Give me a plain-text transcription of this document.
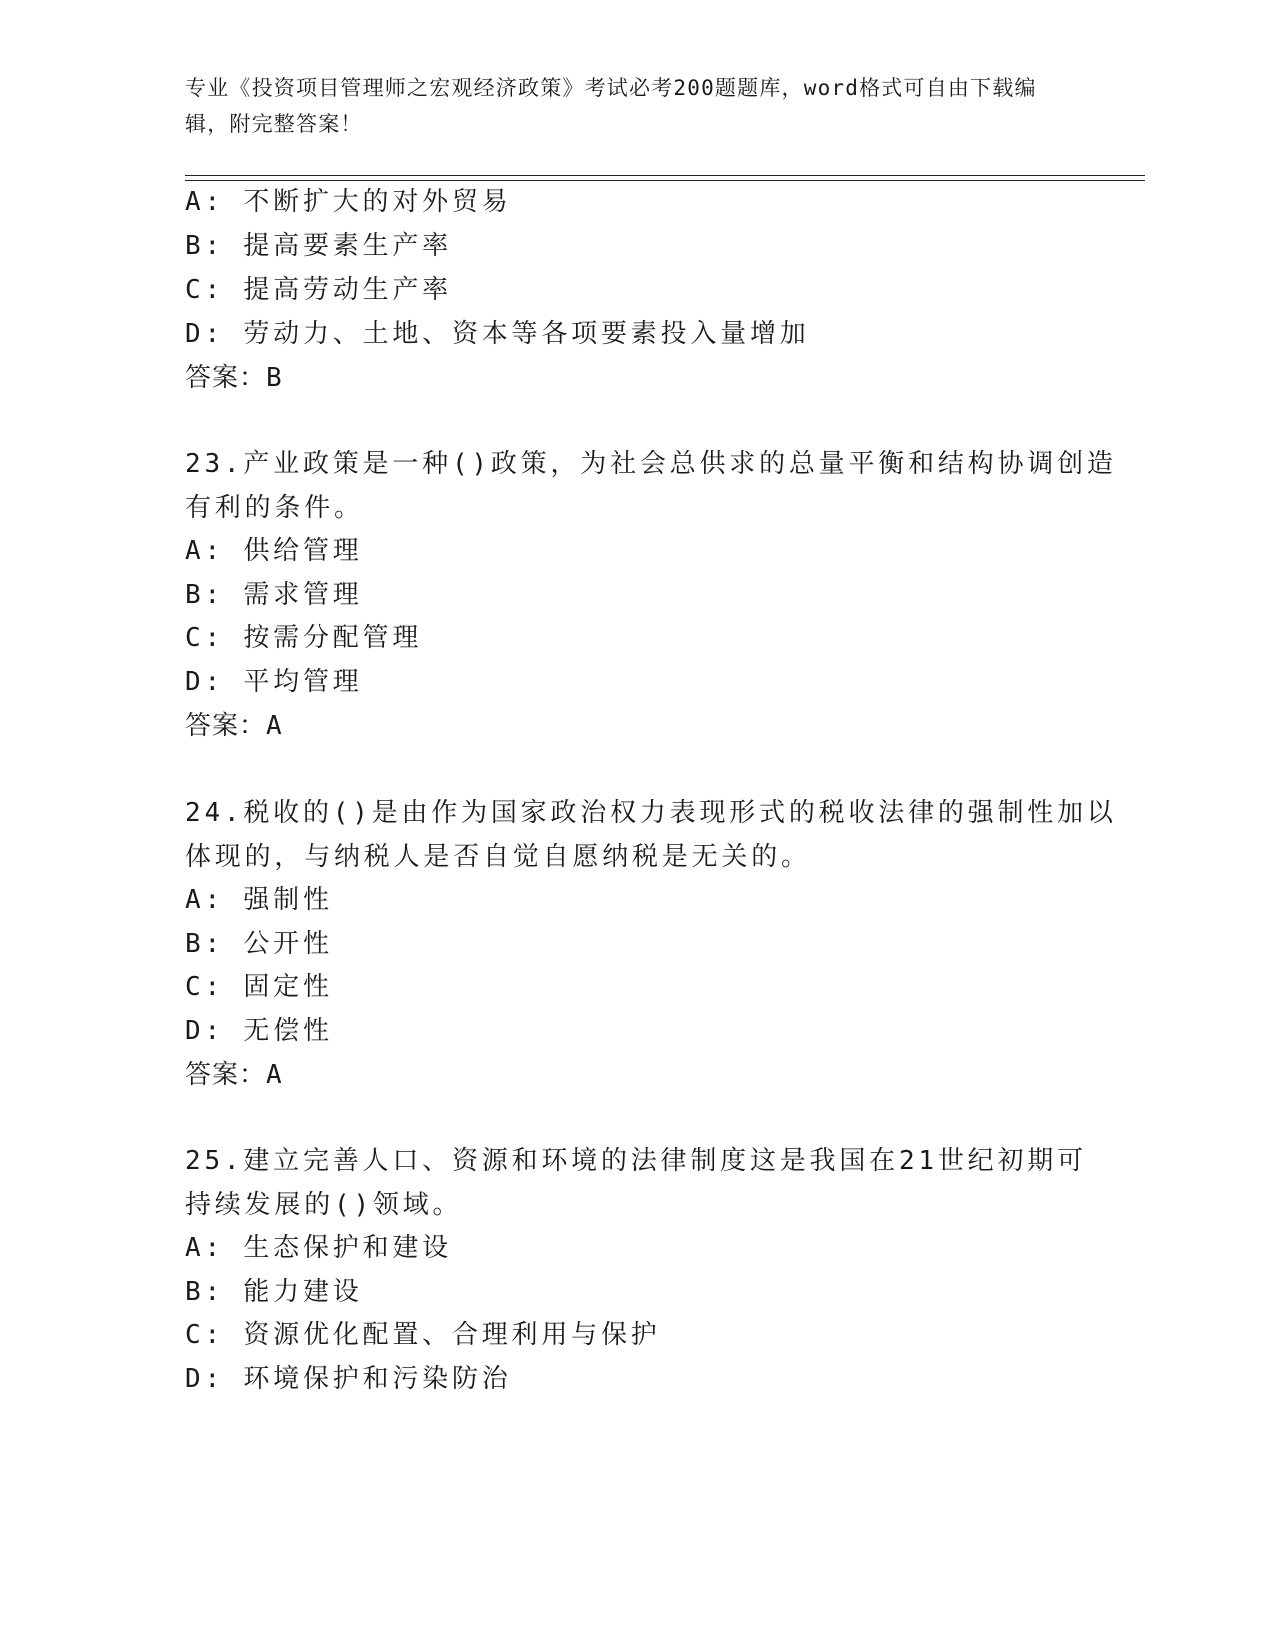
专业《投资项目管理师之宏观经济政策》考试必考200题题库，word格式可自由下载编辑，附完整答案！
A: 不断扩大的对外贸易
B: 提高要素生产率
C: 提高劳动生产率
D: 劳动力、土地、资本等各项要素投入量增加
答案：B
23.产业政策是一种()政策，为社会总供求的总量平衡和结构协调创造
有利的条件。
A: 供给管理
B: 需求管理
C: 按需分配管理
D: 平均管理
答案：A
24.税收的()是由作为国家政治权力表现形式的税收法律的强制性加以
体现的，与纳税人是否自觉自愿纳税是无关的。
A: 强制性
B: 公开性
C: 固定性
D: 无偿性
答案：A
25.建立完善人口、资源和环境的法律制度这是我国在21世纪初期可
持续发展的()领域。
A: 生态保护和建设
B: 能力建设
C: 资源优化配置、合理利用与保护
D: 环境保护和污染防治
